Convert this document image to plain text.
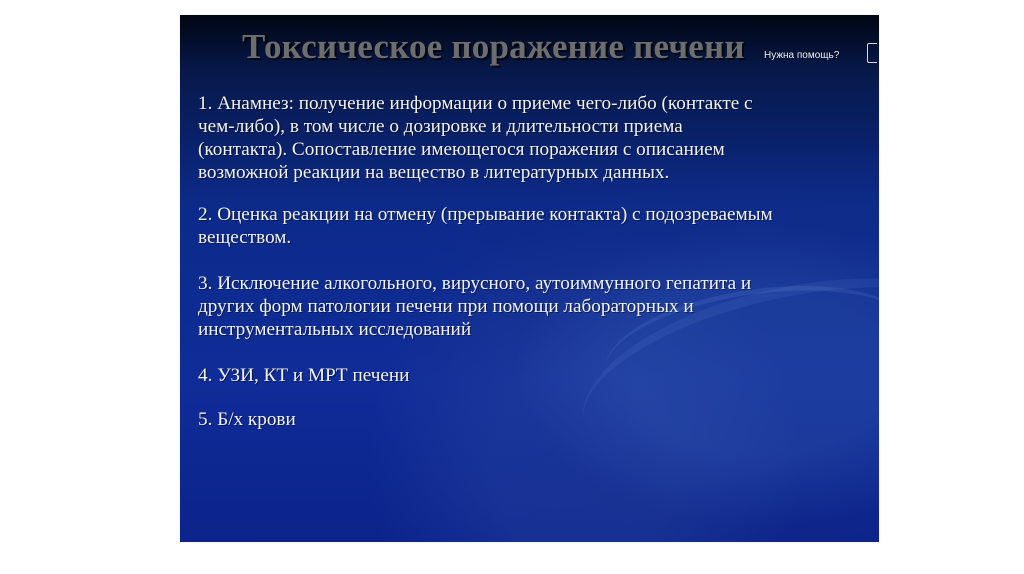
Токсическое поражение печени	Нужна помощь?

1. Анамнез: получение информации о приеме чего-либо (контакте с
чем-либо), в том числе о дозировке и длительности приема
(контакта). Сопоставление имеющегося поражения с описанием
возможной реакции на вещество в литературных данных.

2. Оценка реакции на отмену (прерывание контакта) с подозреваемым
веществом.

3. Исключение алкогольного, вирусного, аутоиммунного гепатита и
других форм патологии печени при помощи лабораторных и
инструментальных исследований

4. УЗИ, КТ и МРТ печени

5. Б/х крови
